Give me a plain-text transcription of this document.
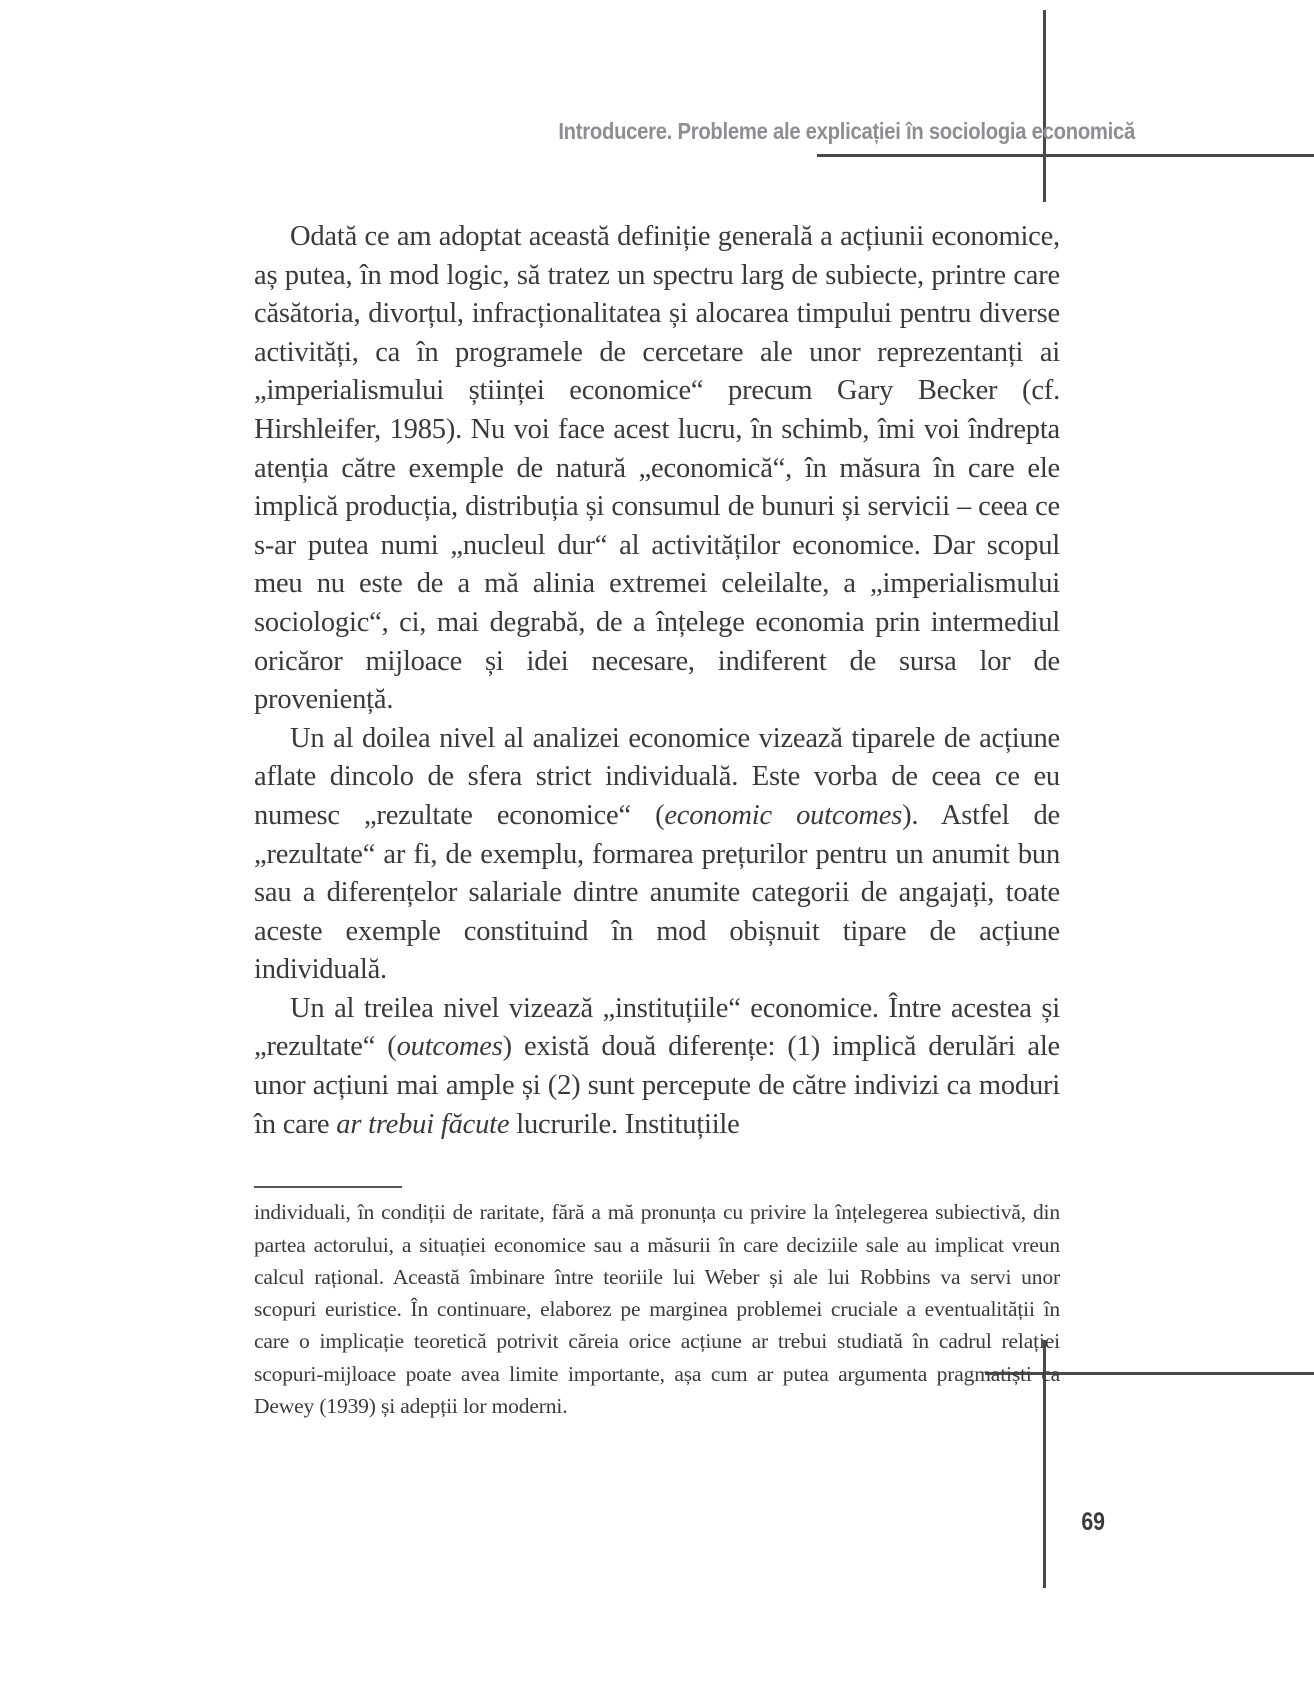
Introducere. Probleme ale explicației în sociologia economică

Odată ce am adoptat această definiție generală a acțiunii economice, aș putea, în mod logic, să tratez un spectru larg de subiecte, printre care căsătoria, divorțul, infracționalitatea și alocarea timpului pentru diverse activități, ca în programele de cercetare ale unor reprezentanți ai „imperialismului științei economice“ precum Gary Becker (cf. Hirshleifer, 1985). Nu voi face acest lucru, în schimb, îmi voi îndrepta atenția către exemple de natură „economică“, în măsura în care ele implică producția, distribuția și consumul de bunuri și servicii – ceea ce s-ar putea numi „nucleul dur“ al activităților economice. Dar scopul meu nu este de a mă alinia extremei celeilalte, a „imperialismului sociologic“, ci, mai degrabă, de a înțelege economia prin intermediul oricăror mijloace și idei necesare, indiferent de sursa lor de proveniență.

Un al doilea nivel al analizei economice vizează tiparele de acțiune aflate dincolo de sfera strict individuală. Este vorba de ceea ce eu numesc „rezultate economice“ (economic outcomes). Astfel de „rezultate“ ar fi, de exemplu, formarea prețurilor pentru un anumit bun sau a diferențelor salariale dintre anumite categorii de angajați, toate aceste exemple constituind în mod obișnuit tipare de acțiune individuală.

Un al treilea nivel vizează „instituțiile“ economice. Între acestea și „rezultate“ (outcomes) există două diferențe: (1) implică derulări ale unor acțiuni mai ample și (2) sunt percepute de către indivizi ca moduri în care ar trebui făcute lucrurile. Instituțiile

individuali, în condiții de raritate, fără a mă pronunța cu privire la înțelegerea subiectivă, din partea actorului, a situației economice sau a măsurii în care deciziile sale au implicat vreun calcul rațional. Această îmbinare între teoriile lui Weber și ale lui Robbins va servi unor scopuri euristice. În continuare, elaborez pe marginea problemei cruciale a eventualității în care o implicație teoretică potrivit căreia orice acțiune ar trebui studiată în cadrul relației scopuri-mijloace poate avea limite importante, așa cum ar putea argumenta pragmatiști ca Dewey (1939) și adepții lor moderni.

69
